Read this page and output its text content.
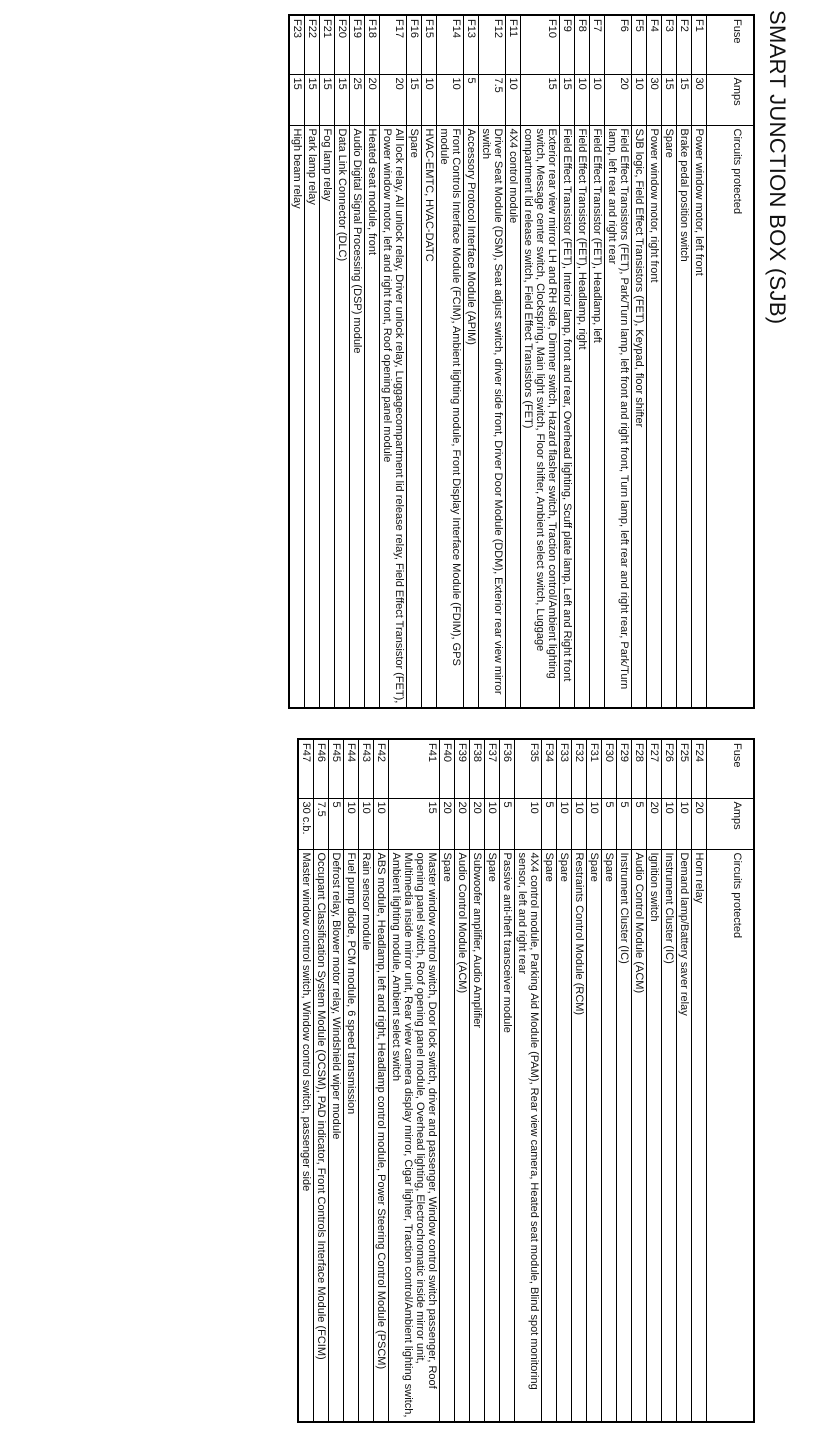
SMART JUNCTION BOX (SJB)
Fuse	Amps	Circuits protected
F1	30	Power window motor, left front
F2	15	Brake pedal position switch
F3	15	Spare
F4	30	Power window motor, right front
F5	10	SJB logic, Field Effect Transistors (FET), Keypad, floor shifter
F6	20	Field Effect Transistors (FET), Park/Turn lamp, left front and right front, Turn lamp, left rear and right rear, Park/Turn lamp, left rear and right rear
F7	10	Field Effect Transistor (FET), Headlamp, left
F8	10	Field Effect Transistor (FET), Headlamp, right
F9	15	Field Effect Transistor (FET), Interior lamp, front and rear, Overhead lighting, Scuff plate lamp, Left and Right front
F10	15	Exterior rear view mirror LH and RH side, Dimmer switch, Hazard flasher switch, Traction control/Ambient lighting switch, Message center switch, Clockspring, Main light switch, Floor shifter, Ambient select switch, Luggage compartment lid release switch, Field Effect Transistors (FET)
F11	10	4X4 control module
F12	7.5	Driver Seat Module (DSM), Seat adjust switch, driver side front, Driver Door Module (DDM), Exterior rear view mirror switch
F13	5	Accessory Protocol Interface Module (APIM)
F14	10	Front Controls Interface Module (FCIM), Ambient lighting module, Front Display Interface Module (FDIM), GPS module
F15	10	HVAC-EMTC, HVAC-DATC
F16	15	Spare
F17	20	All lock relay, All unlock relay, Driver unlock relay, Luggagecompartment lid release relay, Field Effect Transistor (FET), Power window motor, left and right front, Roof opening panel module
F18	20	Heated seat module, front
F19	25	Audio Digital Signal Processing (DSP) module
F20	15	Data Link Connector (DLC)
F21	15	Fog lamp relay
F22	15	Park lamp relay
F23	15	High beam relay
Fuse	Amps	Circuits protected
F24	20	Horn relay
F25	10	Demand lamp/Battery saver relay
F26	10	Instrument Cluster (IC)
F27	20	Ignition switch
F28	5	Audio Control Module (ACM)
F29	5	Instrument Cluster (IC)
F30	5	Spare
F31	10	Spare
F32	10	Restraints Control Module (RCM)
F33	10	Spare
F34	5	Spare
F35	10	4X4 control module, Parking Aid Module (PAM), Rear view camera, Heated seat module, Blind spot monitoring sensor, left and right rear
F36	5	Passive anti-theft transceiver module
F37	10	Spare
F38	20	Subwoofer amplifier, Audio Amplifier
F39	20	Audio Control Module (ACM)
F40	20	Spare
F41	15	Master window control switch, Door lock switch, driver and passenger, Window control switch passenger, Roof opening panel switch, Roof opening panel module, Overhead lighting, Electrochromatic inside mirror unit, Multimedia inside mirror unit, Rear view camera display mirror, Cigar lighter, Traction control/Ambient lighting switch, Ambient lighting module, Ambient select switch
F42	10	ABS module, Headlamp, left and right, Headlamp control module, Power Steering Control Module (PSCM)
F43	10	Rain sensor module
F44	10	Fuel pump diode, PCM module, 6 speed transmission
F45	5	Defrost relay, Blower motor relay, Windshield wiper module
F46	7.5	Occupant Classification System Module (OCSM), PAD indicator, Front Controls Interface Module (FCIM)
F47	30 c.b.	Master window control switch, Window control switch, passenger side
